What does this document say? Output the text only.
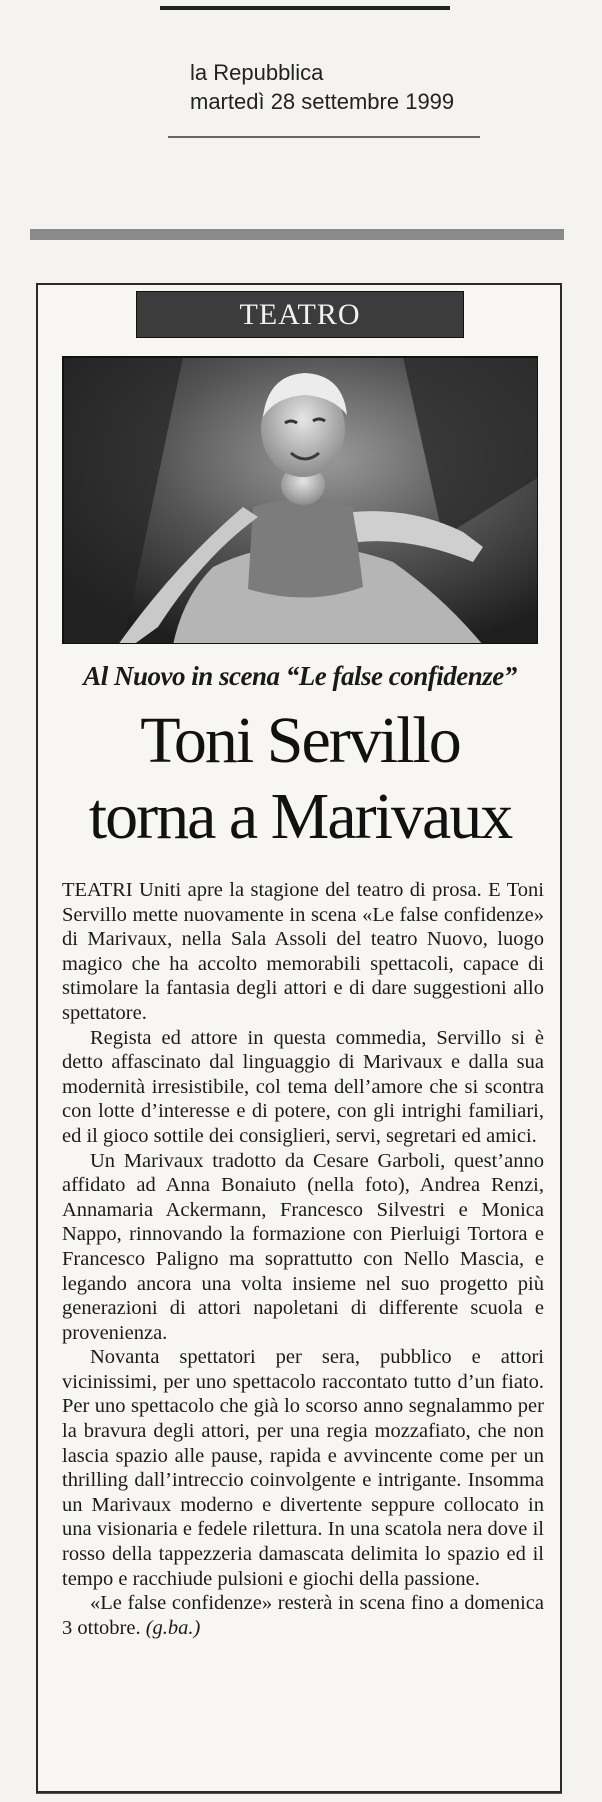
la Repubblica
martedì 28 settembre 1999
TEATRO
Al Nuovo in scena “Le false confidenze”
Toni Servillo
torna a Marivaux

TEATRI Uniti apre la stagione del teatro di prosa. E Toni Servillo mette nuovamente in scena «Le false confidenze» di Marivaux, nella Sala Assoli del teatro Nuovo, luogo magico che ha accolto memorabili spettacoli, capace di stimolare la fantasia degli attori e di dare suggestioni allo spettatore.

Regista ed attore in questa commedia, Servillo si è detto affascinato dal linguaggio di Marivaux e dalla sua modernità irresistibile, col tema dell’amore che si scontra con lotte d’interesse e di potere, con gli intrighi familiari, ed il gioco sottile dei consiglieri, servi, segretari ed amici.

Un Marivaux tradotto da Cesare Garboli, quest’anno affidato ad Anna Bonaiuto (nella foto), Andrea Renzi, Annamaria Ackermann, Francesco Silvestri e Monica Nappo, rinnovando la formazione con Pierluigi Tortora e Francesco Paligno ma soprattutto con Nello Mascia, e legando ancora una volta insieme nel suo progetto più generazioni di attori napoletani di differente scuola e provenienza.

Novanta spettatori per sera, pubblico e attori vicinissimi, per uno spettacolo raccontato tutto d’un fiato. Per uno spettacolo che già lo scorso anno segnalammo per la bravura degli attori, per una regia mozzafiato, che non lascia spazio alle pause, rapida e avvincente come per un thrilling dall’intreccio coinvolgente e intrigante. Insomma un Marivaux moderno e divertente seppure collocato in una visionaria e fedele rilettura. In una scatola nera dove il rosso della tappezzeria damascata delimita lo spazio ed il tempo e racchiude pulsioni e giochi della passione.

«Le false confidenze» resterà in scena fino a domenica 3 ottobre. (g.ba.)
